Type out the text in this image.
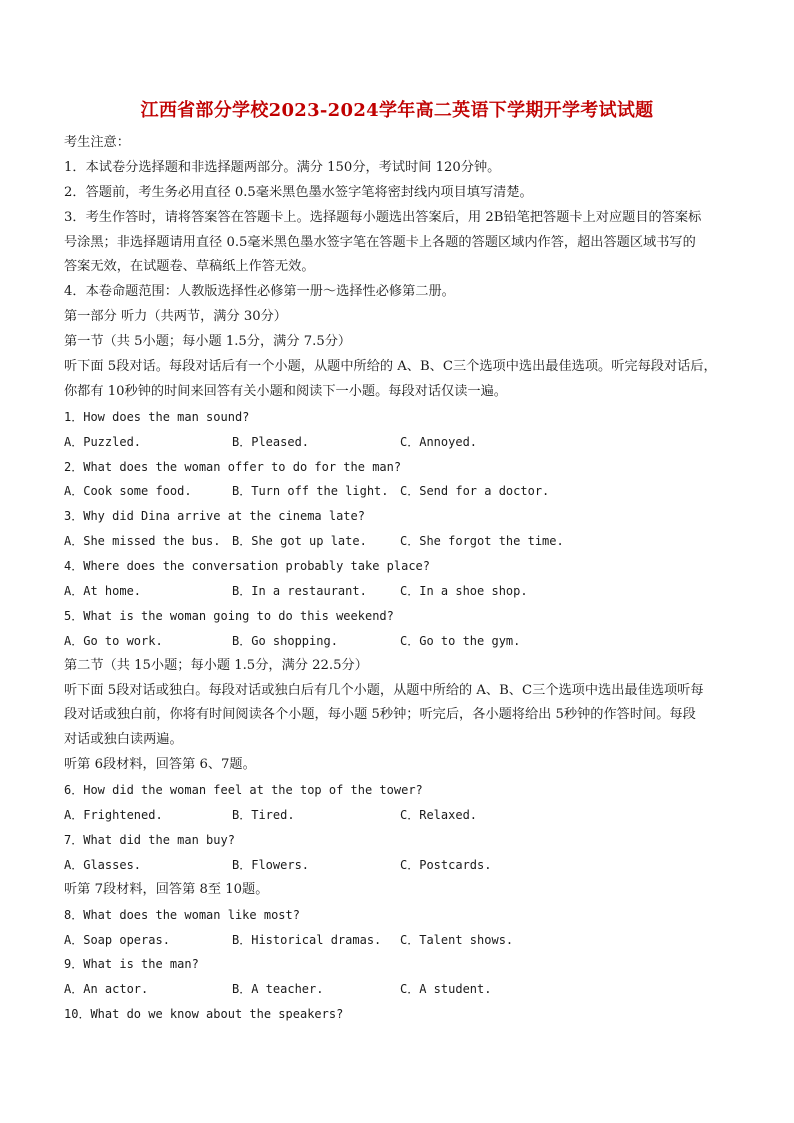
江西省部分学校2023-2024学年高二英语下学期开学考试试题
考生注意：
1．本试卷分选择题和非选择题两部分。满分 150分，考试时间 120分钟。
2．答题前，考生务必用直径 0.5毫米黑色墨水签字笔将密封线内项目填写清楚。
3．考生作答时，请将答案答在答题卡上。选择题每小题选出答案后，用 2B铅笔把答题卡上对应题目的答案标
号涂黑；非选择题请用直径 0.5毫米黑色墨水签字笔在答题卡上各题的答题区域内作答，超出答题区域书写的
答案无效，在试题卷、草稿纸上作答无效。
4．本卷命题范围：人教版选择性必修第一册～选择性必修第二册。
第一部分 听力（共两节，满分 30分）
第一节（共 5小题；每小题 1.5分，满分 7.5分）
听下面 5段对话。每段对话后有一个小题，从题中所给的 A、B、C三个选项中选出最佳选项。听完每段对话后，
你都有 10秒钟的时间来回答有关小题和阅读下一小题。每段对话仅读一遍。
1．How does the man sound?
A．Puzzled.	B．Pleased.	C．Annoyed.
2．What does the woman offer to do for the man?
A．Cook some food.	B．Turn off the light. C．Send for a doctor.
3．Why did Dina arrive at the cinema late?
A．She missed the bus. B．She got up late.	C．She forgot the time.
4．Where does the conversation probably take place?
A．At home.	B．In a restaurant.	C．In a shoe shop.
5．What is the woman going to do this weekend?
A．Go to work.	B．Go shopping.	C．Go to the gym.
第二节（共 15小题；每小题 1.5分，满分 22.5分）
听下面 5段对话或独白。每段对话或独白后有几个小题，从题中所给的 A、B、C三个选项中选出最佳选项听每
段对话或独白前，你将有时间阅读各个小题，每小题 5秒钟；听完后，各小题将给出 5秒钟的作答时间。每段
对话或独白读两遍。
听第 6段材料，回答第 6、7题。
6．How did the woman feel at the top of the tower?
A．Frightened.	B．Tired.	C．Relaxed.
7．What did the man buy?
A．Glasses.	B．Flowers.	C．Postcards.
听第 7段材料，回答第 8至 10题。
8．What does the woman like most?
A．Soap operas.	B．Historical dramas.	C．Talent shows.
9．What is the man?
A．An actor.	B．A teacher.	C．A student.
10．What do we know about the speakers?
